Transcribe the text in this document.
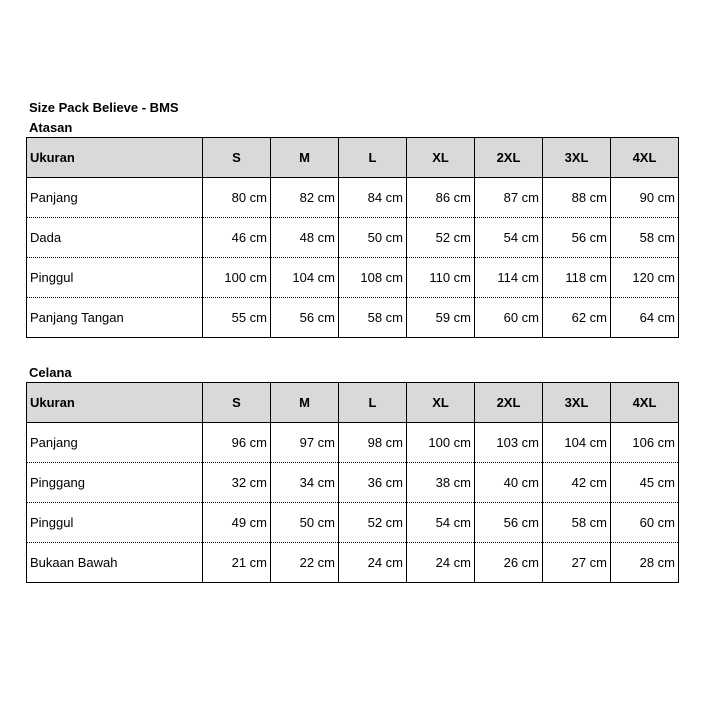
Size Pack Believe - BMS
Atasan
Ukuran	S	M	L	XL	2XL	3XL	4XL
Panjang	80 cm	82 cm	84 cm	86 cm	87 cm	88 cm	90 cm
Dada	46 cm	48 cm	50 cm	52 cm	54 cm	56 cm	58 cm
Pinggul	100 cm	104 cm	108 cm	110 cm	114 cm	118 cm	120 cm
Panjang Tangan	55 cm	56 cm	58 cm	59 cm	60 cm	62 cm	64 cm
Celana
Ukuran	S	M	L	XL	2XL	3XL	4XL
Panjang	96 cm	97 cm	98 cm	100 cm	103 cm	104 cm	106 cm
Pinggang	32 cm	34 cm	36 cm	38 cm	40 cm	42 cm	45 cm
Pinggul	49 cm	50 cm	52 cm	54 cm	56 cm	58 cm	60 cm
Bukaan Bawah	21 cm	22 cm	24 cm	24 cm	26 cm	27 cm	28 cm
